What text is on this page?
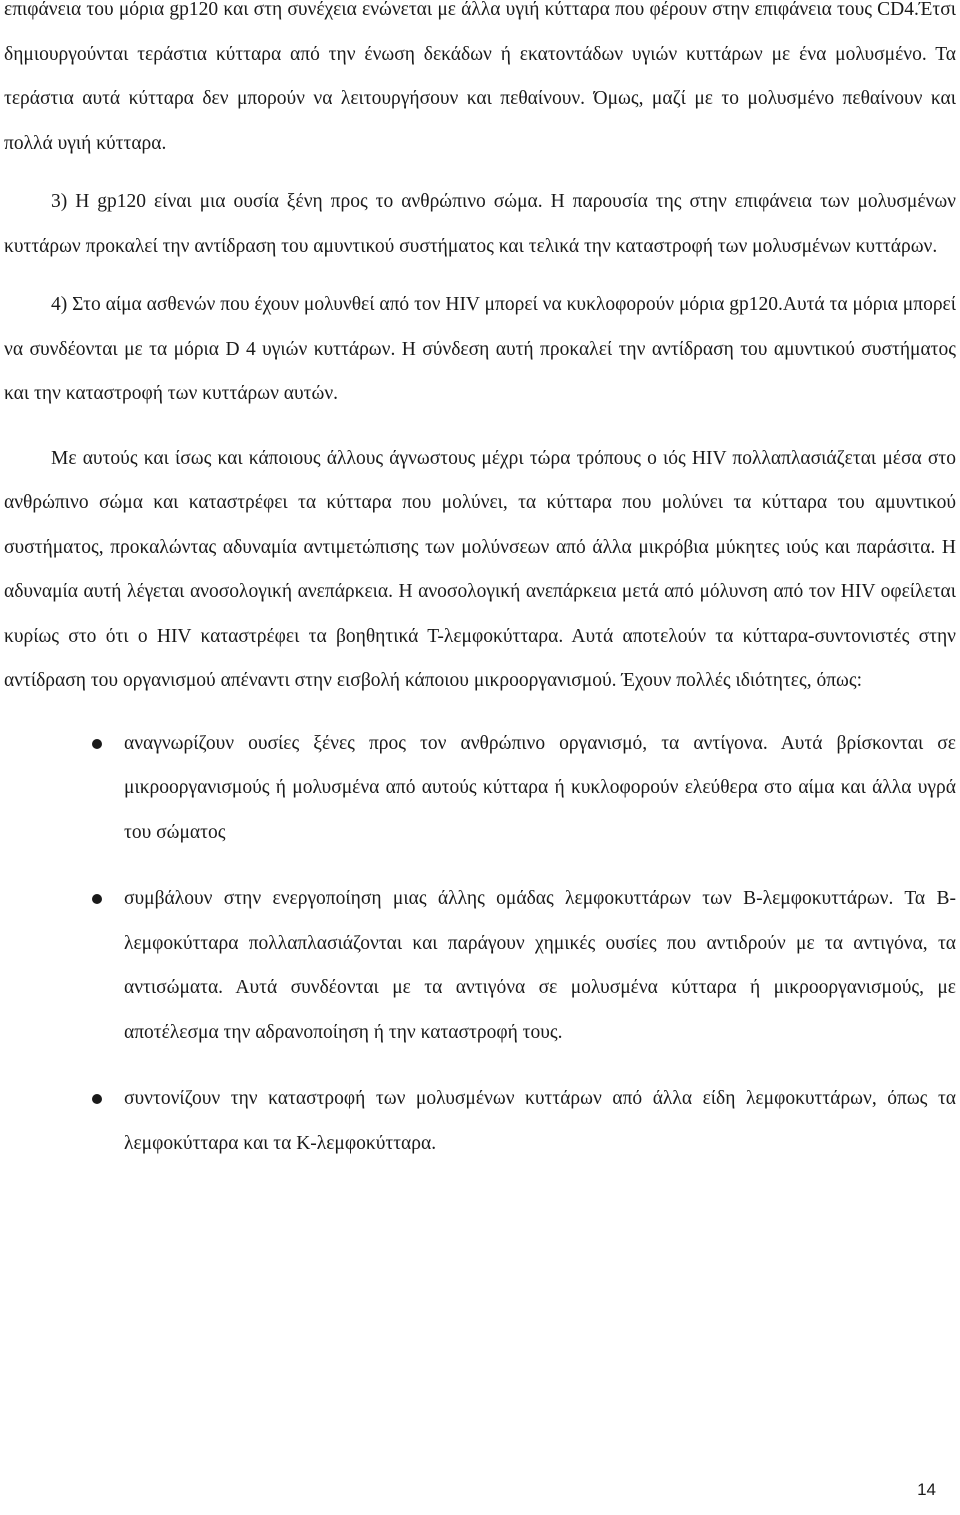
επιφάνεια του μόρια gp120 και στη συνέχεια ενώνεται με άλλα υγιή κύτταρα που φέρουν στην επιφάνεια τους CD4.Έτσι δημιουργούνται τεράστια κύτταρα από την ένωση δεκάδων ή εκατοντάδων υγιών κυττάρων με ένα μολυσμένο. Τα τεράστια αυτά κύτταρα δεν μπορούν να λειτουργήσουν και πεθαίνουν. Όμως, μαζί με το μολυσμένο πεθαίνουν και πολλά υγιή κύτταρα.

3) Η gp120 είναι μια ουσία ξένη προς το ανθρώπινο σώμα. Η παρουσία της στην επιφάνεια των μολυσμένων κυττάρων προκαλεί την αντίδραση του αμυντικού συστήματος και τελικά την καταστροφή των μολυσμένων κυττάρων.

4) Στο αίμα ασθενών που έχουν μολυνθεί από τον HIV μπορεί να κυκλοφορούν μόρια gp120.Αυτά τα μόρια μπορεί να συνδέονται με τα μόρια D 4 υγιών κυττάρων. Η σύνδεση αυτή προκαλεί την αντίδραση του αμυντικού συστήματος και την καταστροφή των κυττάρων αυτών.

Με αυτούς και ίσως και κάποιους άλλους άγνωστους μέχρι τώρα τρόπους ο ιός HIV πολλαπλασιάζεται μέσα στο ανθρώπινο σώμα και καταστρέφει τα κύτταρα που μολύνει, τα κύτταρα που μολύνει τα κύτταρα του αμυντικού συστήματος, προκαλώντας αδυναμία αντιμετώπισης των μολύνσεων από άλλα μικρόβια μύκητες ιούς και παράσιτα. Η αδυναμία αυτή λέγεται ανοσολογική ανεπάρκεια. Η ανοσολογική ανεπάρκεια μετά από μόλυνση από τον HIV οφείλεται κυρίως στο ότι ο HIV καταστρέφει τα βοηθητικά Τ-λεμφοκύτταρα. Αυτά αποτελούν τα κύτταρα-συντονιστές στην αντίδραση του οργανισμού απέναντι στην εισβολή κάποιου μικροοργανισμού. Έχουν πολλές ιδιότητες, όπως:

αναγνωρίζουν ουσίες ξένες προς τον ανθρώπινο οργανισμό, τα αντίγονα. Αυτά βρίσκονται σε μικροοργανισμούς ή μολυσμένα από αυτούς κύτταρα ή κυκλοφορούν ελεύθερα στο αίμα και άλλα υγρά του σώματος
συμβάλουν στην ενεργοποίηση μιας άλλης ομάδας λεμφοκυττάρων των Β-λεμφοκυττάρων. Τα Β-λεμφοκύτταρα πολλαπλασιάζονται και παράγουν χημικές ουσίες που αντιδρούν με τα αντιγόνα, τα αντισώματα. Αυτά συνδέονται με τα αντιγόνα σε μολυσμένα κύτταρα ή μικροοργανισμούς, με αποτέλεσμα την αδρανοποίηση ή την καταστροφή τους.
συντονίζουν την καταστροφή των μολυσμένων κυττάρων από άλλα είδη λεμφοκυττάρων, όπως τα λεμφοκύτταρα και τα Κ-λεμφοκύτταρα.
14
